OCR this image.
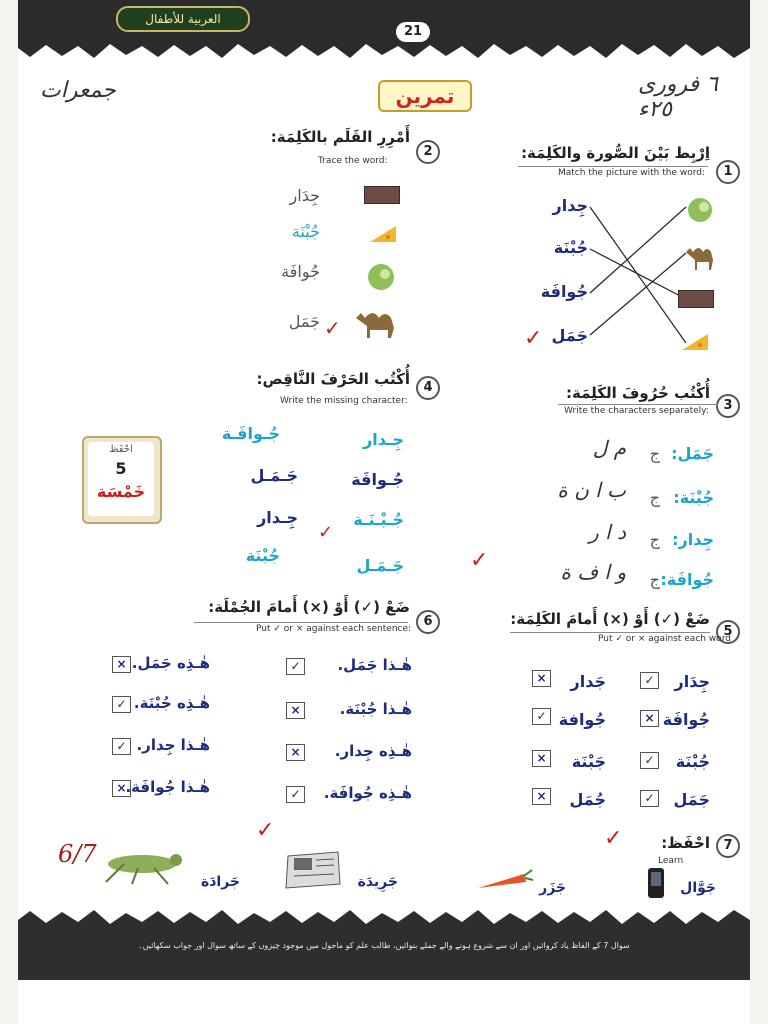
العربية للأطفال
21
٦ فروری ٢٥ء
جمعرات	تمرين
1
اِرْبِط بَيْنَ الصُّورة والكَلِمَة:
Match the picture with the word:
جِدار
جُبْنَة
جُوافَة
جَمَل
✓
2
أَمْرِرِ القَلَم بالكَلِمَة:
Trace the word:
جِدَار
جُبْنَة
جُوافَة
جَمَل ✓
3
أُكْتُب حُرُوفَ الكَلِمَة:
Write the characters separately:
جَمَل:
ج
م ل
جُبْنَة:
ج
ب ا ن ة
جِدار:
ج
د ا ر
جُوافَة:
ج
و ا ف ة
✓
4
أُكْتُب الحَرْفَ النَّاقِص:
Write the missing character:
جِـدار
جُـوافَة
جُـبْـنَـة
جَـمَـل
جُـوافَـة
جَـمَـل
جِـدار
جُبْنَة
✓
احْفَظ
5
خَمْسَة
5
ضَعْ (✓) أَوْ (×) أَمامَ الكَلِمَة:
Put ✓ or × against each word
جِدَار
✓
جَدار
×
جُوافَة
×
جُوافة
✓
جُبْنَة
✓
جَبْنَة
×
جَمَل
✓
جُمَل
×
6
ضَعْ (✓) أَوْ (×) أَمامَ الجُمْلَة:
Put ✓ or × against each sentence:
هٰـذا جَمَل.
✓
هٰـذِه جَمَل.
×
هٰـذا جُبْنَة.
×
هٰـذِه جُبْنَة.
✓
هٰـذِه جِدار.
×
هٰـذا جِدار.
✓
هٰـذِه جُوافَة.
✓
هٰـذا جُوافَة.
×
✓	✓	7
احْفَظ:
Learn
جَوَّال
جَزَر
جَرِيدَة
جَرادَة
6/7
سوال 7 کے الفاظ یاد کروائیں اور ان سے شروع ہونے والے جملے بنوائیں، طالب علم کو ماحول میں موجود چیزوں کے ساتھ سوال اور جواب سکھائیں۔
